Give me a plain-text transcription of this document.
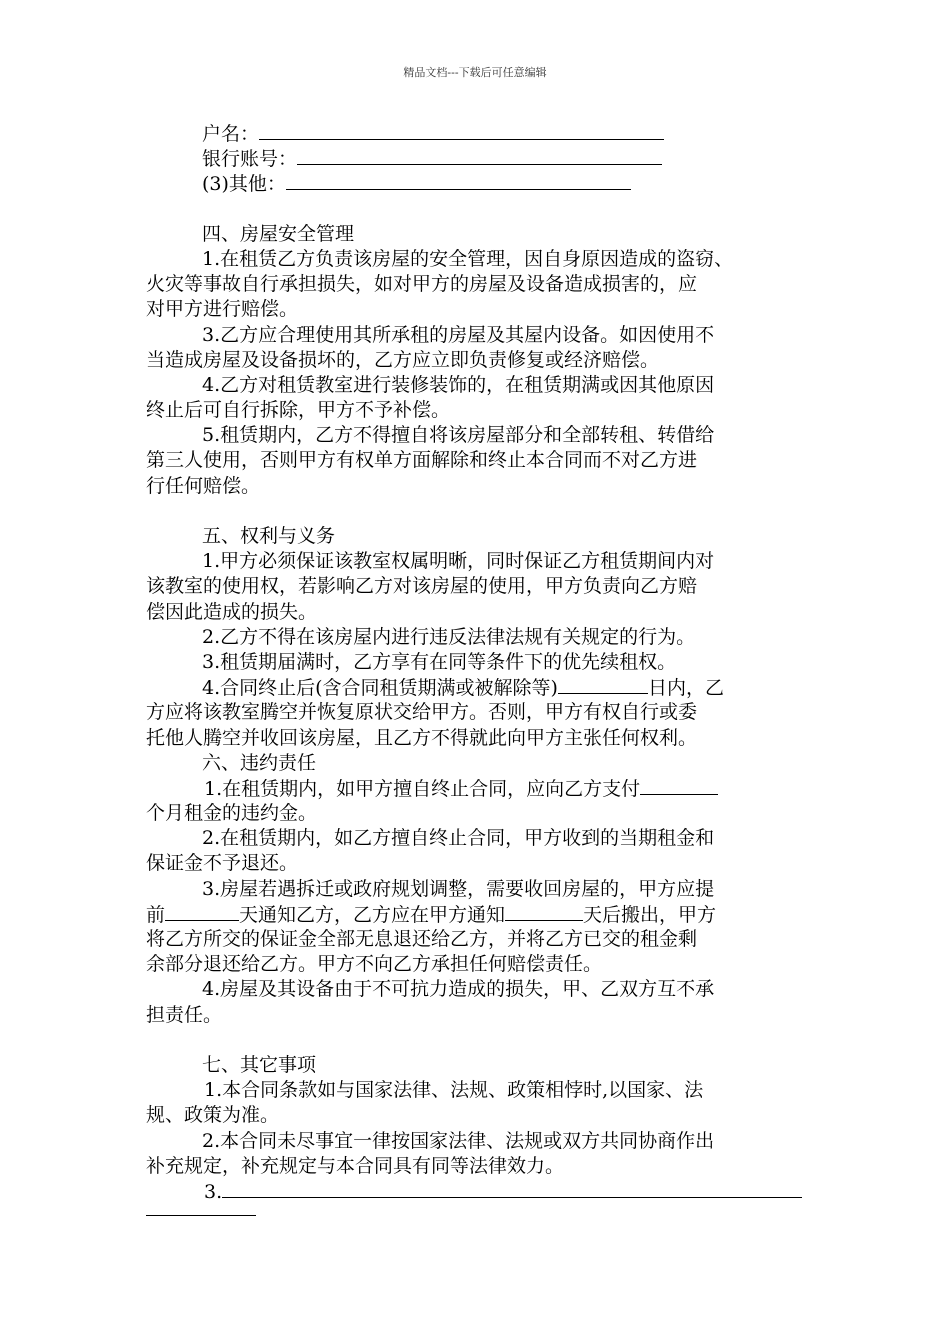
精品文档---下载后可任意编辑
户名：
银行账号：
(3)其他：
四、房屋安全管理
1.在租赁乙方负责该房屋的安全管理，因自身原因造成的盗窃、
火灾等事故自行承担损失，如对甲方的房屋及设备造成损害的，应
对甲方进行赔偿。
3.乙方应合理使用其所承租的房屋及其屋内设备。如因使用不
当造成房屋及设备损坏的，乙方应立即负责修复或经济赔偿。
4.乙方对租赁教室进行装修装饰的，在租赁期满或因其他原因
终止后可自行拆除，甲方不予补偿。
5.租赁期内，乙方不得擅自将该房屋部分和全部转租、转借给
第三人使用，否则甲方有权单方面解除和终止本合同而不对乙方进
行任何赔偿。
五、权利与义务
1.甲方必须保证该教室权属明晰，同时保证乙方租赁期间内对
该教室的使用权，若影响乙方对该房屋的使用，甲方负责向乙方赔
偿因此造成的损失。
2.乙方不得在该房屋内进行违反法律法规有关规定的行为。
3.租赁期届满时，乙方享有在同等条件下的优先续租权。
4.合同终止后(含合同租赁期满或被解除等)	日内，乙
方应将该教室腾空并恢复原状交给甲方。否则，甲方有权自行或委
托他人腾空并收回该房屋，且乙方不得就此向甲方主张任何权利。
六、违约责任
1.在租赁期内，如甲方擅自终止合同，应向乙方支付
个月租金的违约金。
2.在租赁期内，如乙方擅自终止合同，甲方收到的当期租金和
保证金不予退还。
3.房屋若遇拆迁或政府规划调整，需要收回房屋的，甲方应提
前	天通知乙方，乙方应在甲方通知	天后搬出，甲方
将乙方所交的保证金全部无息退还给乙方，并将乙方已交的租金剩
余部分退还给乙方。甲方不向乙方承担任何赔偿责任。
4.房屋及其设备由于不可抗力造成的损失，甲、乙双方互不承
担责任。
七、其它事项
1.本合同条款如与国家法律、法规、政策相悖时,以国家、法
规、政策为准。
2.本合同未尽事宜一律按国家法律、法规或双方共同协商作出
补充规定，补充规定与本合同具有同等法律效力。
3.
